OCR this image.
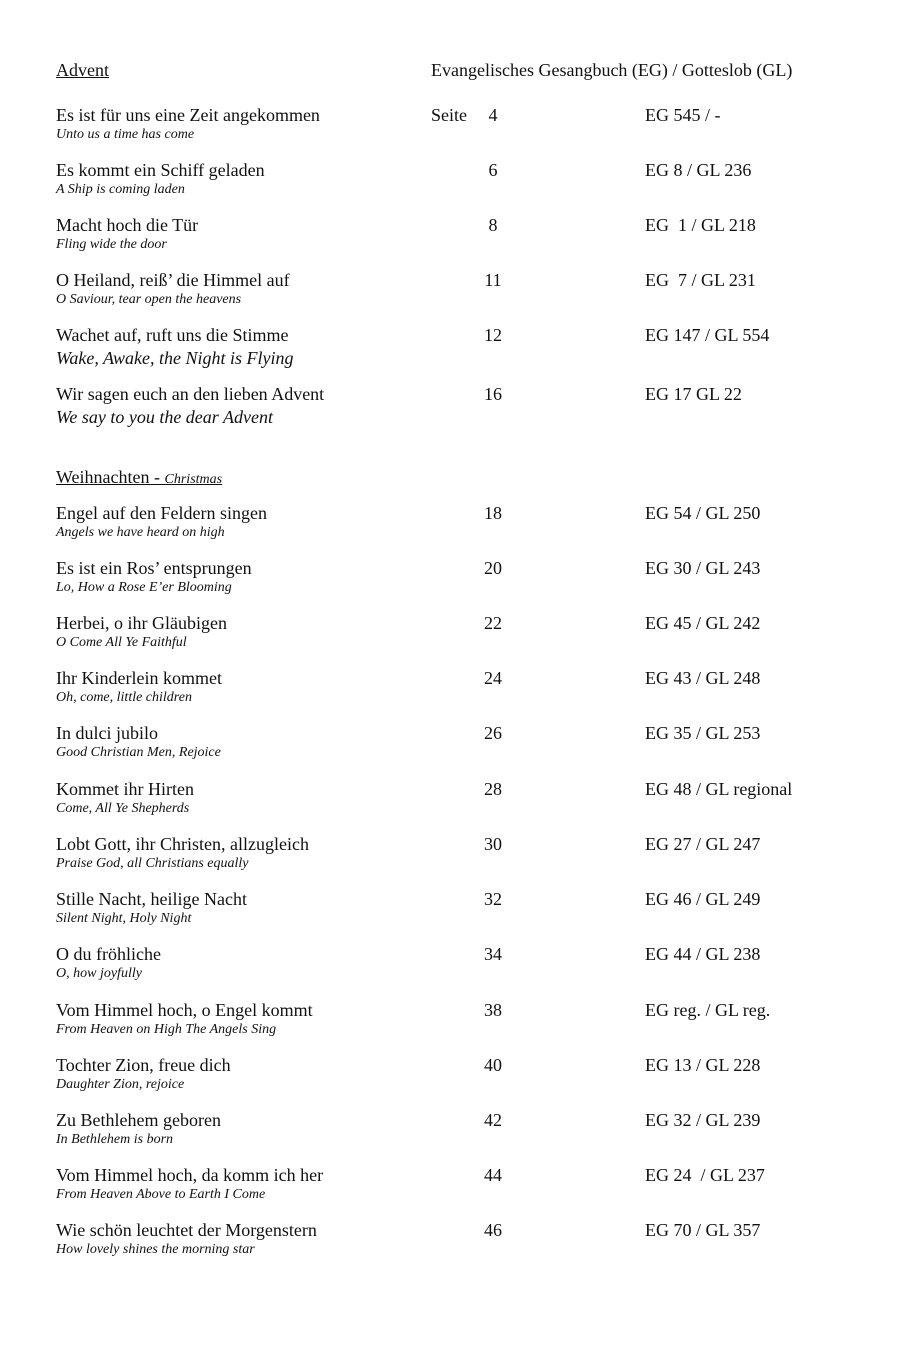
Advent	Evangelisches Gesangbuch (EG) / Gotteslob (GL)
Weihnachten - Christmas
Es ist für uns eine Zeit angekommen
Unto us a time has come
Seite	4	EG 545 / -
Es kommt ein Schiff geladen
A Ship is coming laden
6	EG 8 / GL 236
Macht hoch die Tür
Fling wide the door
8	EG  1 / GL 218
O Heiland, reiß’ die Himmel auf
O Saviour, tear open the heavens
11	EG  7 / GL 231
Wachet auf, ruft uns die Stimme
Wake, Awake, the Night is Flying
12	EG 147 / GL 554
Wir sagen euch an den lieben Advent
We say to you the dear Advent
16	EG 17 GL 22
Engel auf den Feldern singen
Angels we have heard on high
18	EG 54 / GL 250
Es ist ein Ros’ entsprungen
Lo, How a Rose E’er Blooming
20	EG 30 / GL 243
Herbei, o ihr Gläubigen
O Come All Ye Faithful
22	EG 45 / GL 242
Ihr Kinderlein kommet
Oh, come, little children
24	EG 43 / GL 248
In dulci jubilo
Good Christian Men, Rejoice
26	EG 35 / GL 253
Kommet ihr Hirten
Come, All Ye Shepherds
28	EG 48 / GL regional
Lobt Gott, ihr Christen, allzugleich
Praise God, all Christians equally
30	EG 27 / GL 247
Stille Nacht, heilige Nacht
Silent Night, Holy Night
32	EG 46 / GL 249
O du fröhliche
O, how joyfully
34	EG 44 / GL 238
Vom Himmel hoch, o Engel kommt
From Heaven on High The Angels Sing
38	EG reg. / GL reg.
Tochter Zion, freue dich
Daughter Zion, rejoice
40	EG 13 / GL 228
Zu Bethlehem geboren
In Bethlehem is born
42	EG 32 / GL 239
Vom Himmel hoch, da komm ich her
From Heaven Above to Earth I Come
44	EG 24  / GL 237
Wie schön leuchtet der Morgenstern
How lovely shines the morning star
46	EG 70 / GL 357
